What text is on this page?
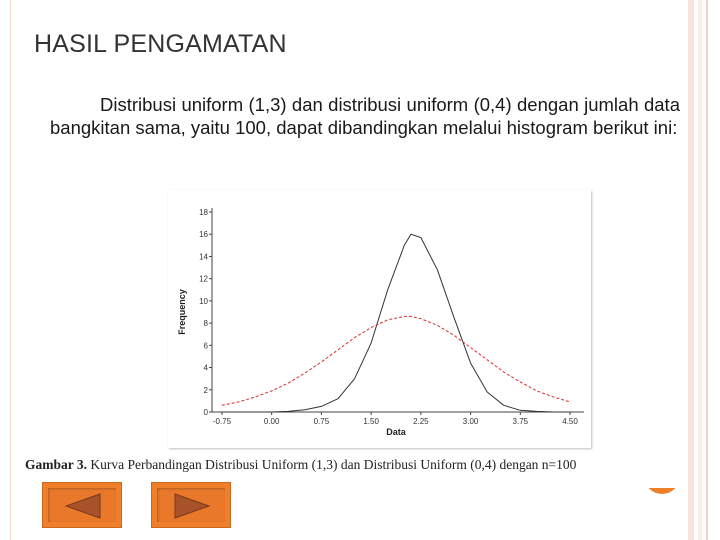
HASIL PENGAMATAN

Distribusi uniform (1,3) dan distribusi uniform (0,4) dengan jumlah data bangkitan sama, yaitu 100, dapat dibandingkan melalui histogram berikut ini:

0
2
4
6
8
10
12
14
16
18
-0.75	0.00	0.75	1.50	2.25	3.00	3.75	4.50
Data
Frequency

Gambar 3. Kurva Perbandingan Distribusi Uniform (1,3) dan Distribusi Uniform (0,4) dengan n=100
